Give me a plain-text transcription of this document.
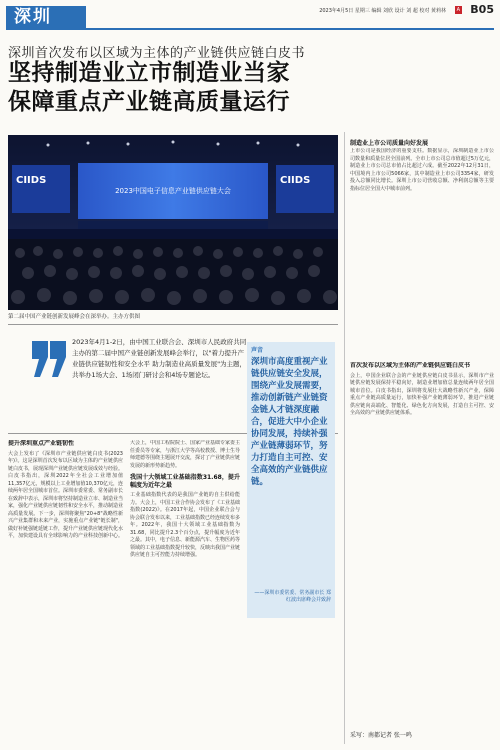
深圳	2023年4月5日 星期三 编辑 刘欣 设计 刘 超 校对 黄莉林	A B05
深圳首次发布以区域为主体的产业链供应链白皮书
坚持制造业立市制造业当家
保障重点产业链高质量运行
CIIDS	CIIDS
2023中国电子信息产业链供应链大会
第二届中国产业链创新发展峰会在深举办。主办方供图
2023年4月1-2日，由中国工业联合会、深圳市人民政府共同主办的第二届中国产业链创新发展峰会举行，以"着力提升产业链供应链韧性和安全水平 助力制造业高质量发展"为主题，共举办1场大会、1场闭门研讨会和4场专题论坛。
声音
深圳市高度重视产业链供应链安全发展，围绕产业发展需要，推动创新链产业链资金链人才链深度融合，促进大中小企业协同发展，持续补强产业链薄弱环节，努力打造自主可控、安全高效的产业链供应链。
——深圳市委常委、常务副市长 郑红波出席峰会并致辞
提升深圳重点产业链韧性
大会上发布了《深圳市产业链供应链白皮书(2023年)》。这是深圳首次发布以区域为主体的产业链供应链白皮书，展现深圳产业链供应链发展成效与经验。白皮书指出，深圳2022年全社会工业增加值11,357亿元，规模以上工业增加值10,370亿元，连续两年居全国城市首位。深圳市委常委、常务副市长在致辞中表示，深圳市将坚持制造业立市、制造业当家，强化产业链供应链韧性和安全水平，推动制造业高质量发展。下一步，深圳将聚焦"20+8"战略性新兴产业集群和未来产业，实施重点产业链"链长制"，做好补链强链延链工作，提升产业链供应链现代化水平，加快建设具有全球影响力的产业科技创新中心。
大会上，中国工程院院士、国家产业基础专家委主任委员等专家，与浙江大学等高校教授、博士生导师建德等围绕主题展开交流，探讨了产业链供应链发展的新形势新趋势。
我国十大领域工业基础指数31.68，提升幅度为近年之最
工业基础指数代表的是我国产业链的自主供给能力。大会上，中国工业合作协会发布了《工业基础指数(2022)》。在2017年起，中国企业联合会与协会联合发布以来，工业基础指数已经连续发布多年。2022年，我国十大领域工业基础指数为31.68，同比提升2.3个百分点，提升幅度为近年之最。其中，电子信息、新能源汽车、生物医药等领域的工业基础指数提升较快，反映出我国产业链供应链自主可控能力持续增强。
制造业上市公司质量向好发展
上市公司是我国经济的重要支柱。数据显示，深圳制造业上市公司数量和质量位居全国前列。全市上市公司总市值超过5万亿元，制造业上市公司总市值占比超过六成。截至2022年12月31日，中国境内上市公司5066家，其中制造业上市公司3354家，研发投入总额同比增长。深圳上市公司营收总额、净利润总额等主要指标位居全国大中城市前列。
首次发布以区域为主体的产业链供应链白皮书
会上，中国企业联合会的产业链供应链白皮书显示，深圳市产业链供应链发展保持平稳向好，制造业增加值总量连续两年居全国城市首位。白皮书指出，深圳将发展壮大战略性新兴产业，保障重点产业链高质量运行，加快补强产业链薄弱环节，推进产业链供应链向高端化、智能化、绿色化方向发展，打造自主可控、安全高效的产业链供应链体系。
采写：南都记者 张一鸣
